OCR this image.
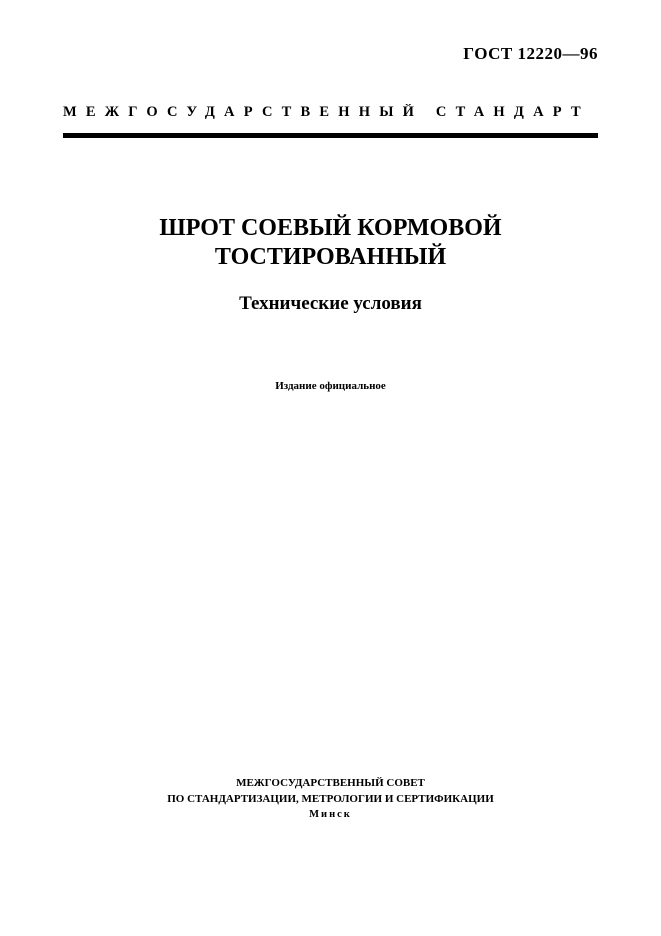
ГОСТ 12220—96
МЕЖГОСУДАРСТВЕННЫЙ СТАНДАРТ
ШРОТ СОЕВЫЙ КОРМОВОЙ
ТОСТИРОВАННЫЙ
Технические условия
Издание официальное
МЕЖГОСУДАРСТВЕННЫЙ СОВЕТ
ПО СТАНДАРТИЗАЦИИ, МЕТРОЛОГИИ И СЕРТИФИКАЦИИ
Минск
